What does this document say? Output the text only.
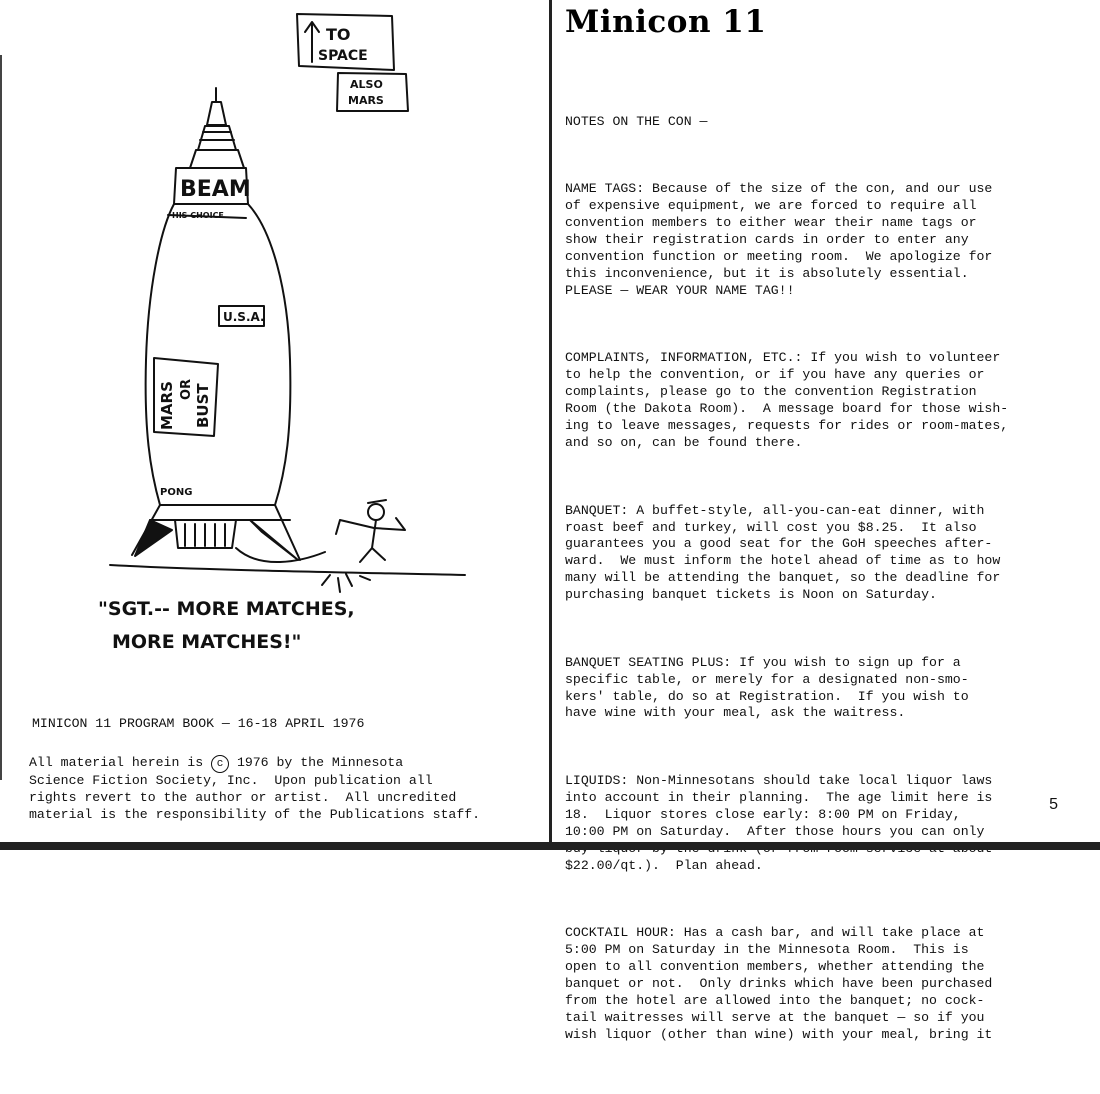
TO
SPACE
ALSO
MARS
BEAM
HIS CHOICE
U.S.A.
MARS OR BUST
PONG
"SGT.-- MORE MATCHES,
MORE MATCHES!"
MINICON 11 PROGRAM BOOK — 16-18 APRIL 1976
All material herein is c 1976 by the Minnesota
Science Fiction Society, Inc.  Upon publication all
rights revert to the author or artist.  All uncredited
material is the responsibility of the Publications staff.
Minicon 11

NOTES ON THE CON —

NAME TAGS: Because of the size of the con, and our use
of expensive equipment, we are forced to require all
convention members to either wear their name tags or
show their registration cards in order to enter any
convention function or meeting room.  We apologize for
this inconvenience, but it is absolutely essential.
PLEASE — WEAR YOUR NAME TAG!!

COMPLAINTS, INFORMATION, ETC.: If you wish to volunteer
to help the convention, or if you have any queries or
complaints, please go to the convention Registration
Room (the Dakota Room).  A message board for those wish-
ing to leave messages, requests for rides or room-mates,
and so on, can be found there.

BANQUET: A buffet-style, all-you-can-eat dinner, with
roast beef and turkey, will cost you $8.25.  It also
guarantees you a good seat for the GoH speeches after-
ward.  We must inform the hotel ahead of time as to how
many will be attending the banquet, so the deadline for
purchasing banquet tickets is Noon on Saturday.

BANQUET SEATING PLUS: If you wish to sign up for a
specific table, or merely for a designated non-smo-
kers' table, do so at Registration.  If you wish to
have wine with your meal, ask the waitress.

LIQUIDS: Non-Minnesotans should take local liquor laws
into account in their planning.  The age limit here is
18.  Liquor stores close early: 8:00 PM on Friday,
10:00 PM on Saturday.  After those hours you can only

$22.00/qt.).  Plan ahead.

COCKTAIL HOUR: Has a cash bar, and will take place at
5:00 PM on Saturday in the Minnesota Room.  This is
open to all convention members, whether attending the
banquet or not.  Only drinks which have been purchased
from the hotel are allowed into the banquet; no cock-
tail waitresses will serve at the banquet — so if you
wish liquor (other than wine) with your meal, bring it

5
